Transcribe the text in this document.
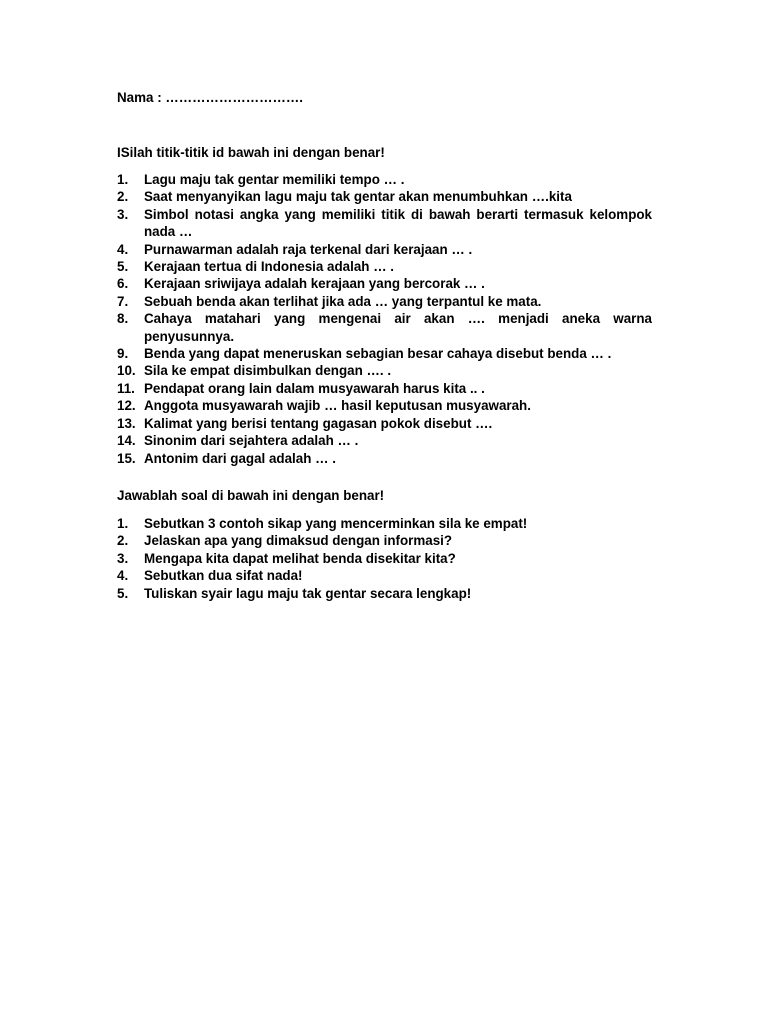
Nama : ………………………….

ISilah titik-titik id bawah ini dengan benar!

1.	Lagu maju tak gentar memiliki tempo … .
2.	Saat menyanyikan lagu maju tak gentar akan menumbuhkan ….kita
3.	Simbol notasi angka yang memiliki titik di bawah berarti termasuk kelompok nada …
4.	Purnawarman adalah raja terkenal dari kerajaan … .
5.	Kerajaan tertua di Indonesia adalah … .
6.	Kerajaan sriwijaya adalah kerajaan yang bercorak … .
7.	Sebuah benda akan terlihat jika ada … yang terpantul ke mata.
8.	Cahaya matahari yang mengenai air akan …. menjadi aneka warna penyusunnya.
9.	Benda yang dapat meneruskan sebagian besar cahaya disebut benda … .
10. Sila ke empat disimbulkan dengan …. .
11. Pendapat orang lain dalam musyawarah harus kita .. .
12. Anggota musyawarah wajib … hasil keputusan musyawarah.
13. Kalimat yang berisi tentang gagasan pokok disebut ….
14. Sinonim dari sejahtera adalah … .
15. Antonim dari gagal adalah … .

Jawablah soal di bawah ini dengan benar!

1.	Sebutkan 3 contoh sikap yang mencerminkan sila ke empat!
2.	Jelaskan apa yang dimaksud dengan informasi?
3.	Mengapa kita dapat melihat benda disekitar kita?
4.	Sebutkan dua sifat nada!
5.	Tuliskan syair lagu maju tak gentar secara lengkap!
